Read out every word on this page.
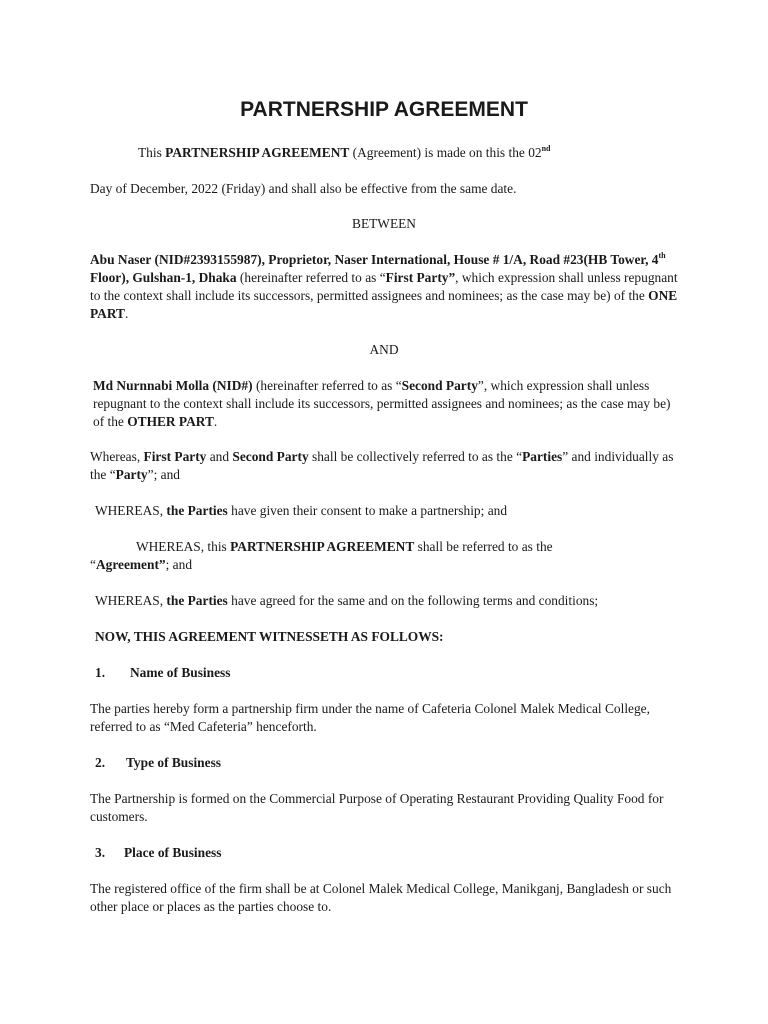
PARTNERSHIP AGREEMENT

This PARTNERSHIP AGREEMENT (Agreement) is made on this the 02nd

Day of December, 2022 (Friday) and shall also be effective from the same date.

BETWEEN

Abu Naser (NID#2393155987), Proprietor, Naser International, House # 1/A, Road #23(HB Tower, 4th Floor), Gulshan-1, Dhaka (hereinafter referred to as “First Party”, which expression shall unless repugnant to the context shall include its successors, permitted assignees and nominees; as the case may be) of the ONE PART.

AND

Md Nurnnabi Molla (NID#) (hereinafter referred to as “Second Party”, which expression shall unless repugnant to the context shall include its successors, permitted assignees and nominees; as the case may be) of the OTHER PART.

Whereas, First Party and Second Party shall be collectively referred to as the “Parties” and individually as the “Party”; and

WHEREAS, the Parties have given their consent to make a partnership; and

WHEREAS, this PARTNERSHIP AGREEMENT shall be referred to as the
“Agreement”; and

WHEREAS, the Parties have agreed for the same and on the following terms and conditions;

NOW, THIS AGREEMENT WITNESSETH AS FOLLOWS:

1. Name of Business

The parties hereby form a partnership firm under the name of Cafeteria Colonel Malek Medical College, referred to as “Med Cafeteria” henceforth.

2. Type of Business

The Partnership is formed on the Commercial Purpose of Operating Restaurant Providing Quality Food for customers.

3. Place of Business

The registered office of the firm shall be at Colonel Malek Medical College, Manikganj, Bangladesh or such other place or places as the parties choose to.
